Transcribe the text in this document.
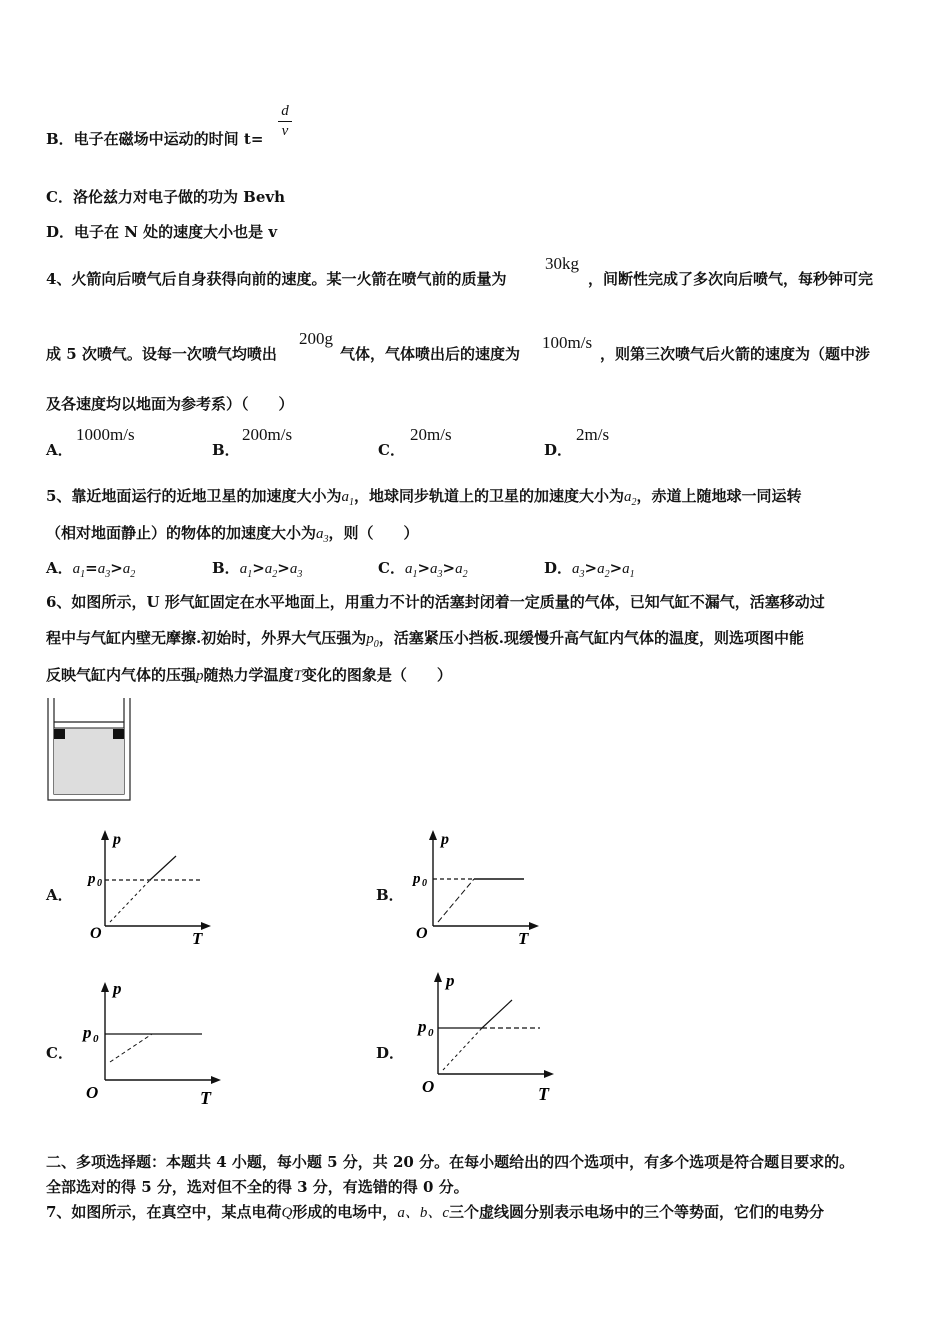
B．电子在磁场中运动的时间 t=
d
v
C．洛伦兹力对电子做的功为 Bevh
D．电子在 N 处的速度大小也是 v
4、火箭向后喷气后自身获得向前的速度。某一火箭在喷气前的质量为
30kg
，间断性完成了多次向后喷气，每秒钟可完
成 5 次喷气。设每一次喷气均喷出
200g
气体，气体喷出后的速度为
100m/s
，则第三次喷气后火箭的速度为（题中涉
及各速度均以地面为参考系）（　　）
A．
1000m/s
B．
200m/s
C．
20m/s
D．
2m/s
5、靠近地面运行的近地卫星的加速度大小为$a_1$，地球同步轨道上的卫星的加速度大小为$a_2$，赤道上随地球一同运转
（相对地面静止）的物体的加速度大小为$a_3$，则（　　）
A．$a_1=a_3>a_2$	B．$a_1>a_2>a_3$	C．$a_1>a_3>a_2$	D．$a_3>a_2>a_1$
6、如图所示，U 形气缸固定在水平地面上，用重力不计的活塞封闭着一定质量的气体，已知气缸不漏气，活塞移动过
程中与气缸内壁无摩擦.初始时，外界大气压强为$p_0$，活塞紧压小挡板.现缓慢升高气缸内气体的温度，则选项图中能
反映气缸内气体的压强p随热力学温度T变化的图象是（　　）
A．
p
p 0
O	T
B．
p
p 0
O	T
C．
p
p 0
O	T
D．
p
p 0
O	T
二、多项选择题：本题共 4 小题，每小题 5 分，共 20 分。在每小题给出的四个选项中，有多个选项是符合题目要求的。
全部选对的得 5 分，选对但不全的得 3 分，有选错的得 0 分。
7、如图所示，在真空中，某点电荷Q形成的电场中，a、b、c三个虚线圆分别表示电场中的三个等势面，它们的电势分
